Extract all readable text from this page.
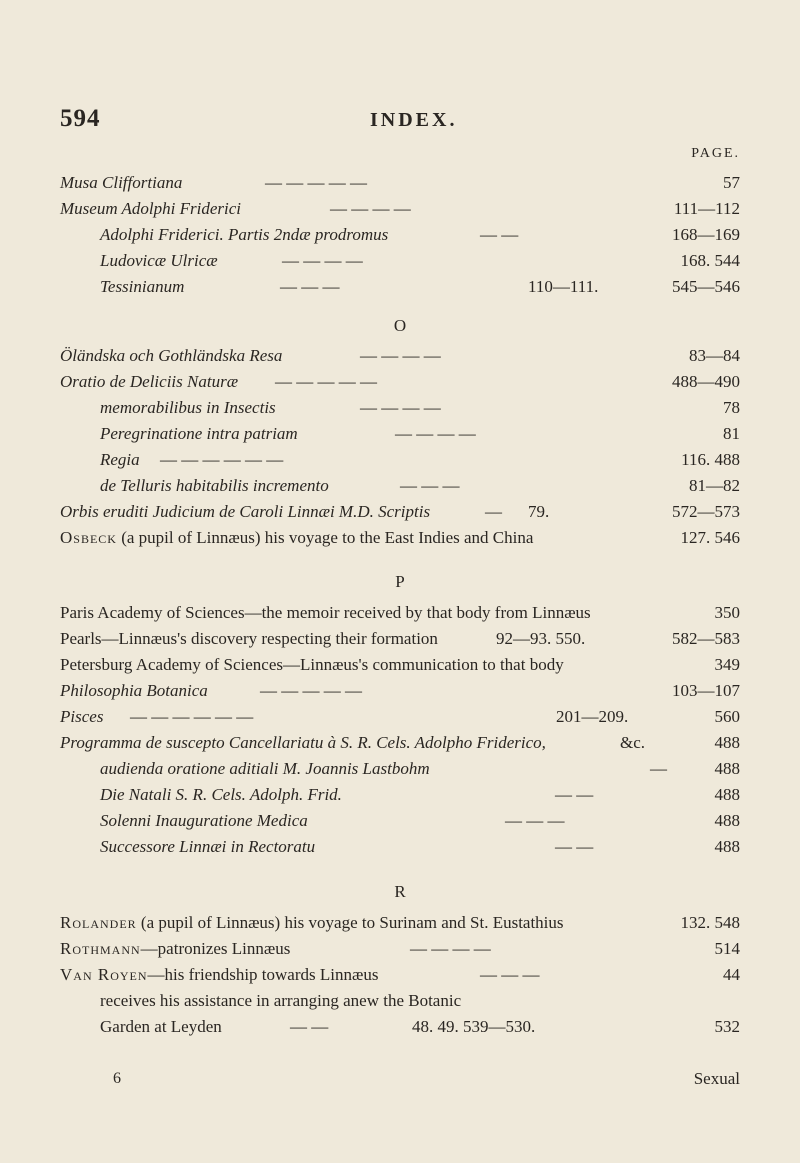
594	INDEX.
PAGE.
Musa Cliffortiana	— — — — —	57
Museum Adolphi Friderici	— — — —	111—112
Adolphi Friderici. Partis 2ndæ prodromus	— —	168—169
Ludovicæ Ulricæ	— — — —	168. 544
Tessinianum	— — —	110—111.	545—546
O
Öländska och Gothländska Resa	— — — —	83—84
Oratio de Deliciis Naturæ — — — — —	488—490
memorabilibus in Insectis	— — — —	78
Peregrinatione intra patriam	— — — —	81
Regia — — — — — —	116. 488
de Telluris habitabilis incremento	— — —	81—82
Orbis eruditi Judicium de Caroli Linnæi M.D. Scriptis	— 79.	572—573
Osbeck (a pupil of Linnæus) his voyage to the East Indies and China	127. 546
P
Paris Academy of Sciences—the memoir received by that body from Linnæus	350
Pearls—Linnæus's discovery respecting their formation	92—93. 550.	582—583
Petersburg Academy of Sciences—Linnæus's communication to that body	349
Philosophia Botanica	— — — — —	103—107
Pisces — — — — — —	201—209.	560
Programma de suscepto Cancellariatu à S. R. Cels. Adolpho Friderico,	&c.	488
audienda oratione aditiali M. Joannis Lastbohm	—	488
Die Natali S. R. Cels. Adolph. Frid.	— —	488
Solenni Inauguratione Medica	— — —	488
Successore Linnæi in Rectoratu	— —	488
R
Rolander (a pupil of Linnæus) his voyage to Surinam and St. Eustathius	132. 548
Rothmann—patronizes Linnæus	— — — —	514
Van Royen—his friendship towards Linnæus	— — —	44
receives his assistance in arranging anew the Botanic
Garden at Leyden	— —	48. 49. 539—530.	532
6	Sexual
